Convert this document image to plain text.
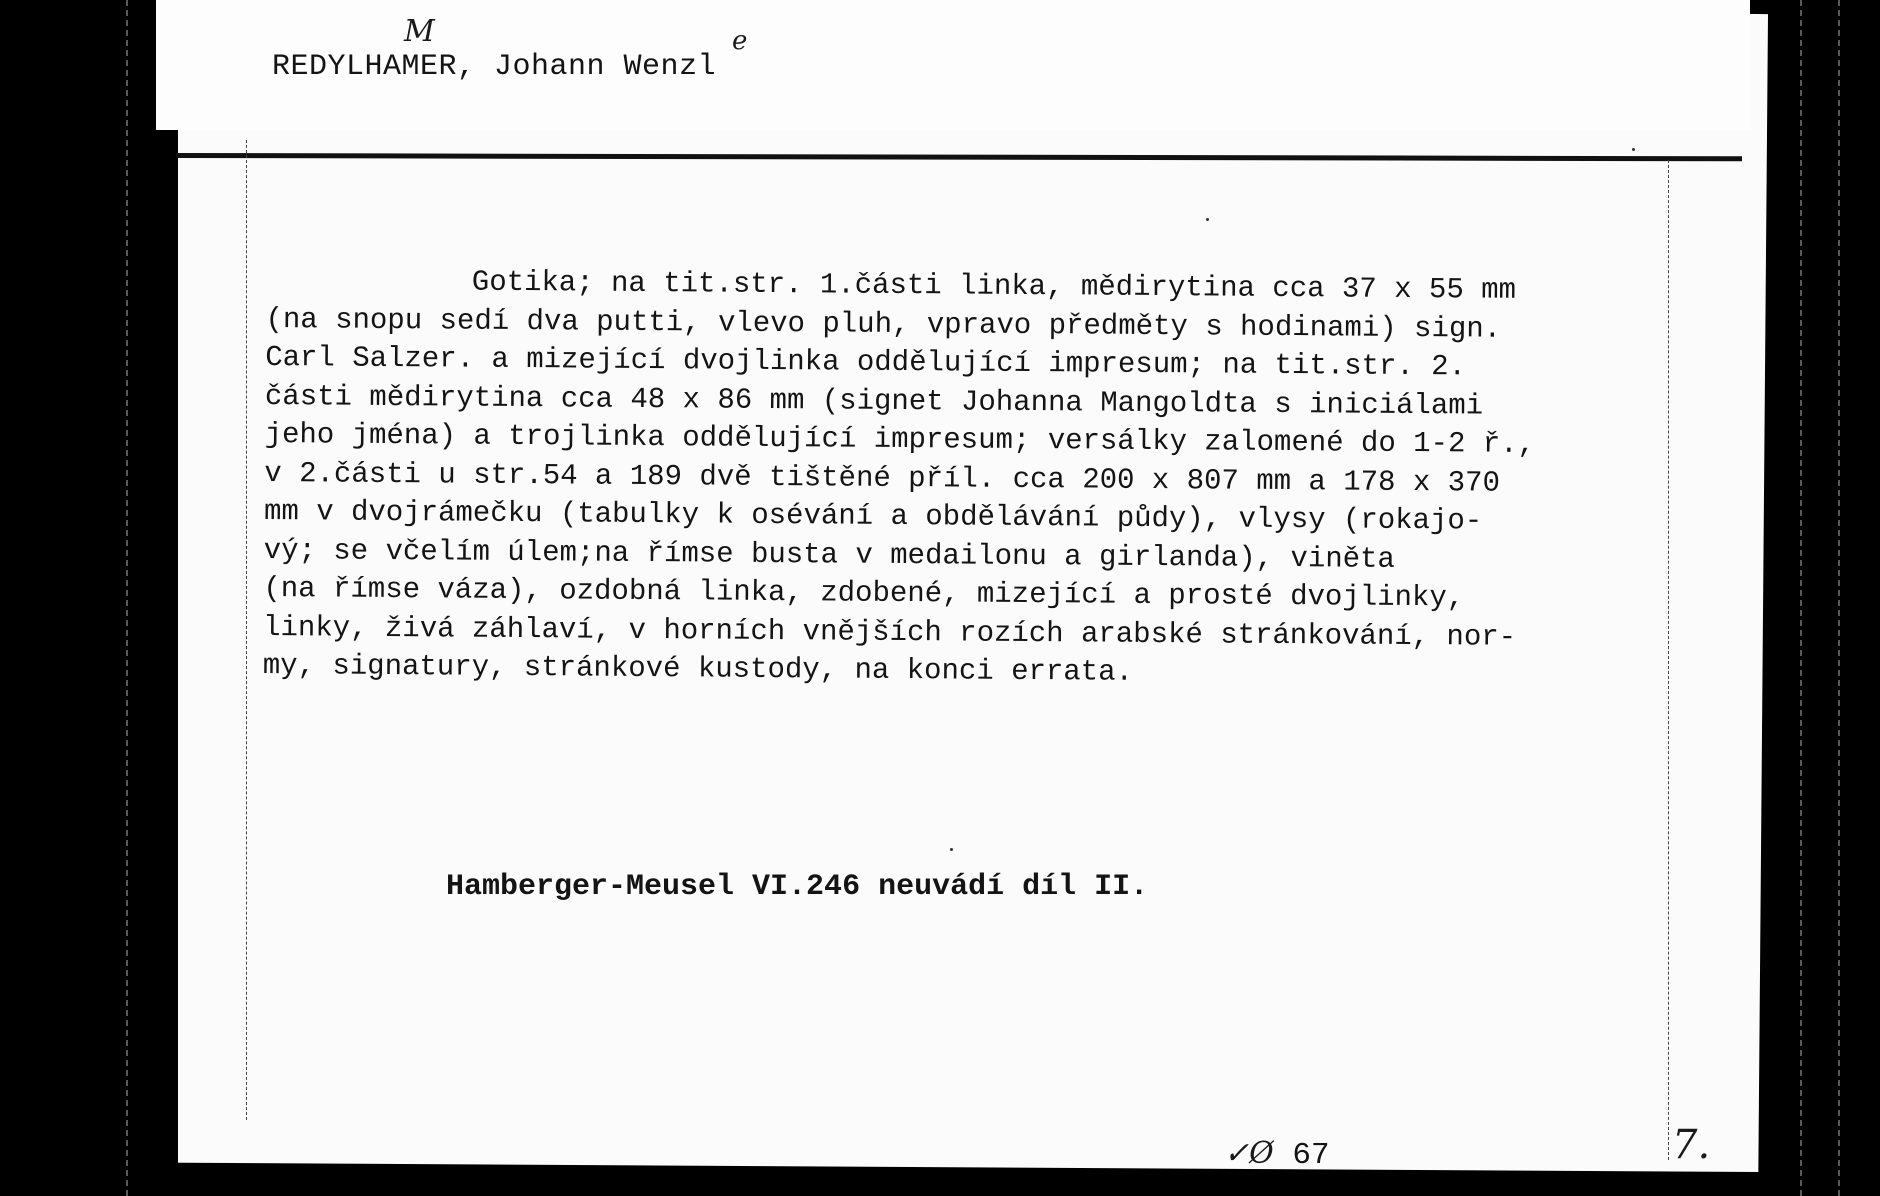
REDYLHAMER, Johann Wenzl
M	e
Gotika; na tit.str. 1.části linka, mědirytina cca 37 x 55 mm
(na snopu sedí dva putti, vlevo pluh, vpravo předměty s hodinami) sign.
Carl Salzer. a mizející dvojlinka oddělující impresum; na tit.str. 2.
části mědirytina cca 48 x 86 mm (signet Johanna Mangoldta s iniciálami
jeho jména) a trojlinka oddělující impresum; versálky zalomené do 1-2 ř.,
v 2.části u str.54 a 189 dvě tištěné příl. cca 200 x 807 mm a 178 x 370
mm v dvojrámečku (tabulky k osévání a obdělávání půdy), vlysy (rokajo-
vý; se včelím úlem;na římse busta v medailonu a girlanda), viněta
(na římse váza), ozdobná linka, zdobené, mizející a prosté dvojlinky,
linky, živá záhlaví, v horních vnějších rozích arabské stránkování, nor-
my, signatury, stránkové kustody, na konci errata.
Hamberger-Meusel VI.246 neuvádí díl II.
✓Ø 67	7.
